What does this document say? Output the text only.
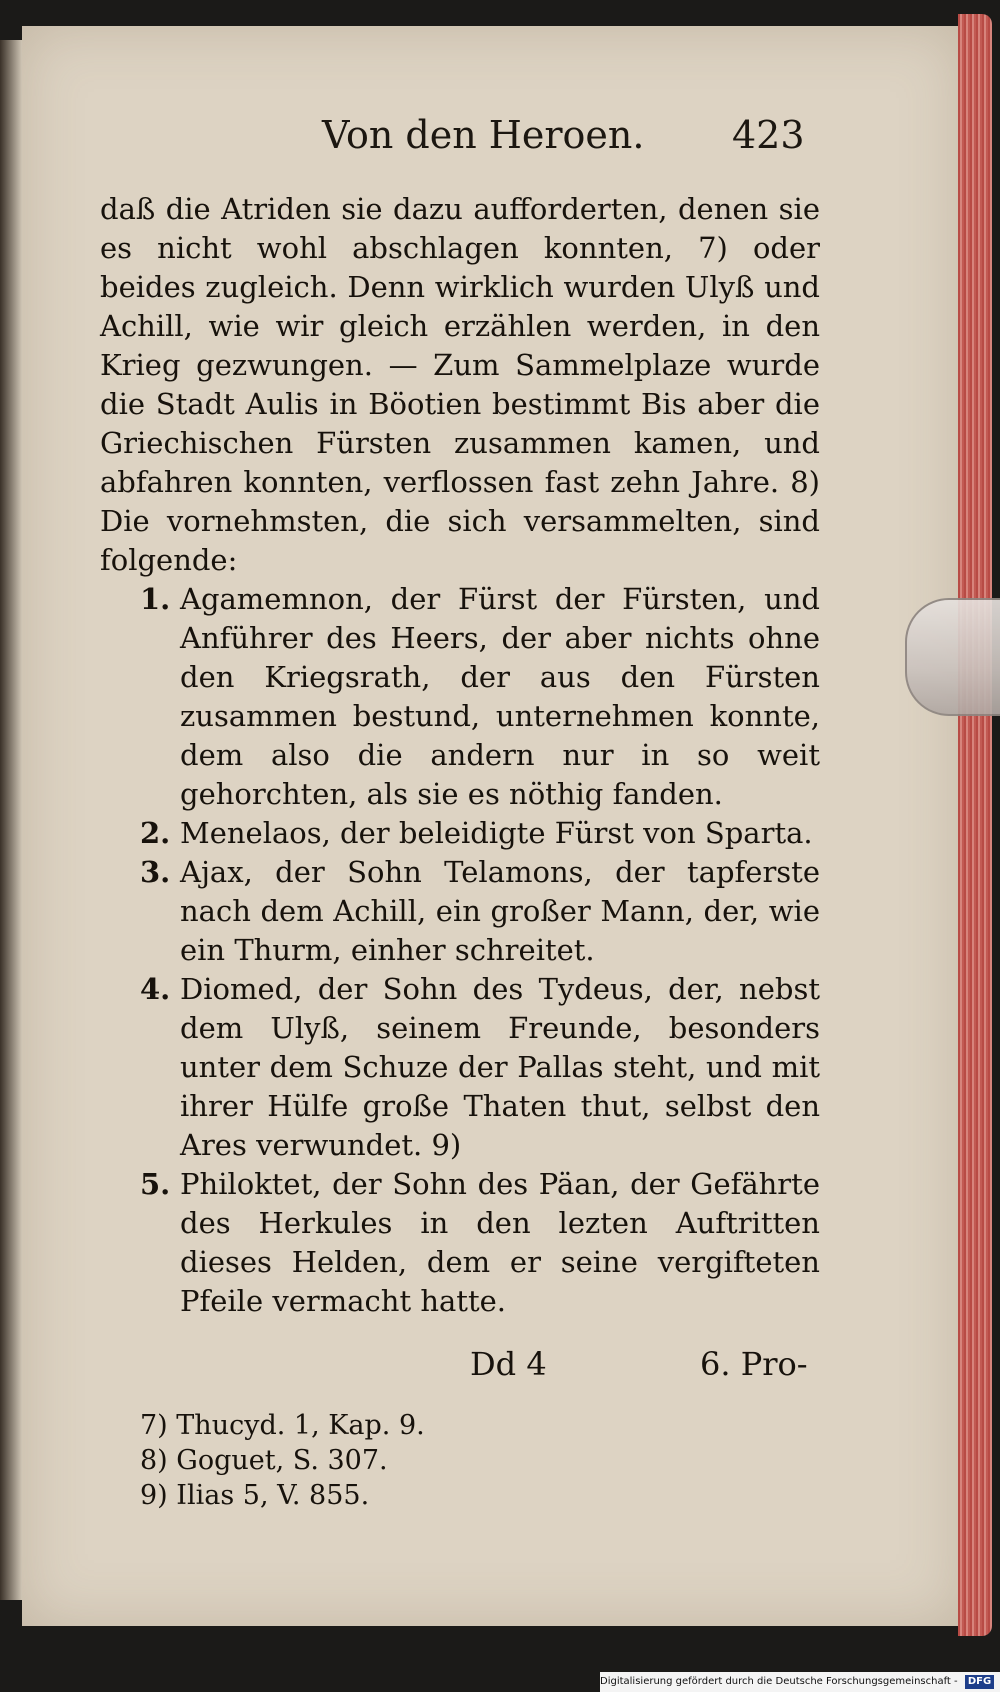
Von den Heroen. 423

daß die Atriden sie dazu aufforderten, denen sie es nicht wohl abschlagen konnten, 7) oder beides zugleich. Denn wirklich wurden Ulyß und Achill, wie wir gleich erzählen werden, in den Krieg gezwungen. — Zum Sammelplaze wurde die Stadt Aulis in Böotien bestimmt Bis aber die Griechischen Fürsten zusammen kamen, und abfahren konnten, verflossen fast zehn Jahre. 8) Die vornehmsten, die sich versammelten, sind folgende:

1. Agamemnon, der Fürst der Fürsten, und Anführer des Heers, der aber nichts ohne den Kriegsrath, der aus den Fürsten zusammen bestund, unternehmen konnte, dem also die andern nur in so weit gehorchten, als sie es nöthig fanden.

2. Menelaos, der beleidigte Fürst von Sparta.

3. Ajax, der Sohn Telamons, der tapferste nach dem Achill, ein großer Mann, der, wie ein Thurm, einher schreitet.

4. Diomed, der Sohn des Tydeus, der, nebst dem Ulyß, seinem Freunde, besonders unter dem Schuze der Pallas steht, und mit ihrer Hülfe große Thaten thut, selbst den Ares verwundet. 9)

5. Philoktet, der Sohn des Päan, der Gefährte des Herkules in den lezten Auftritten dieses Helden, dem er seine vergifteten Pfeile vermacht hatte.

Dd 4	6. Pro-

7) Thucyd. 1, Kap. 9.

8) Goguet, S. 307.

9) Ilias 5, V. 855.

Digitalisierung gefördert durch die Deutsche Forschungsgemeinschaft - DFG
